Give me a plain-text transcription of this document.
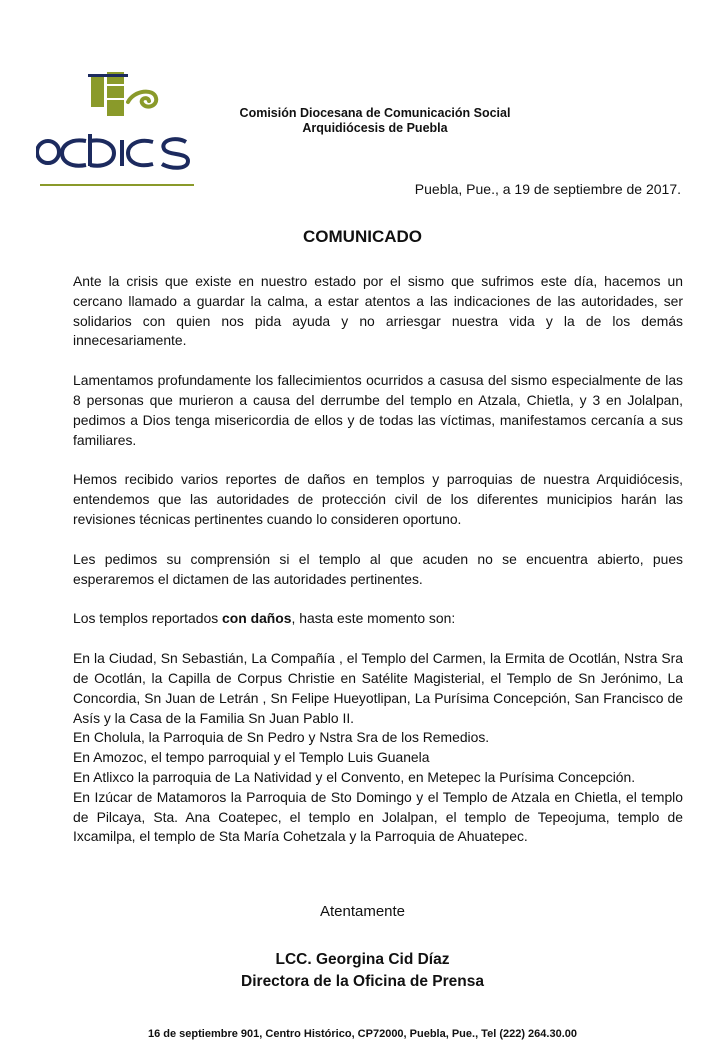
Comisión Diocesana de Comunicación Social
Arquidiócesis de Puebla
Puebla, Pue., a 19 de septiembre de 2017.
COMUNICADO

Ante la crisis que existe en nuestro estado por el sismo que sufrimos este día, hacemos un cercano llamado a guardar la calma, a estar atentos a las indicaciones de las autoridades, ser solidarios con quien nos pida ayuda y no arriesgar nuestra vida y la de los demás innecesariamente.

Lamentamos profundamente los fallecimientos ocurridos a casusa del sismo especialmente de las 8 personas que murieron a causa del derrumbe del templo en Atzala, Chietla, y 3 en Jolalpan, pedimos a Dios tenga misericordia de ellos y de todas las víctimas, manifestamos cercanía a sus familiares.

Hemos recibido varios reportes de daños en templos y parroquias de nuestra Arquidiócesis, entendemos que las autoridades de protección civil de los diferentes municipios harán las revisiones técnicas pertinentes cuando lo consideren oportuno.

Les pedimos su comprensión si el templo al que acuden no se encuentra abierto, pues esperaremos el dictamen de las autoridades pertinentes.

Los templos reportados con daños, hasta este momento son:

En la Ciudad, Sn Sebastián, La Compañía , el Templo del Carmen, la Ermita de Ocotlán, Nstra Sra de Ocotlán, la Capilla de Corpus Christie en Satélite Magisterial, el Templo de Sn Jerónimo, La Concordia, Sn Juan de Letrán , Sn Felipe Hueyotlipan, La Purísima Concepción, San Francisco de Asís y la Casa de la Familia Sn Juan Pablo II.

En Cholula, la Parroquia de Sn Pedro y Nstra Sra de los Remedios.

En Amozoc, el tempo parroquial y el Templo Luis Guanela

En Atlixco la parroquia de La Natividad y el Convento, en Metepec la Purísima Concepción.

En Izúcar de Matamoros la Parroquia de Sto Domingo y el Templo de Atzala en Chietla, el templo de Pilcaya, Sta. Ana Coatepec, el templo en Jolalpan, el templo de Tepeojuma, templo de Ixcamilpa, el templo de Sta María Cohetzala y la Parroquia de Ahuatepec.

Atentamente
LCC. Georgina Cid Díaz
Directora de la Oficina de Prensa
16 de septiembre 901, Centro Histórico, CP72000, Puebla, Pue., Tel (222) 264.30.00
